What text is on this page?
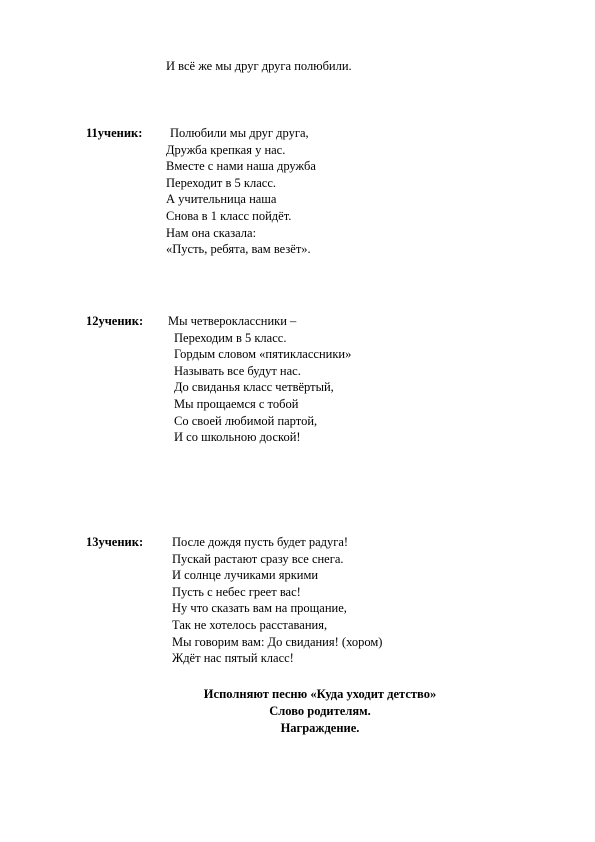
И всё же мы друг друга полюбили.
11ученик:	Полюбили мы друг друга,
Дружба крепкая у нас.
Вместе с нами наша дружба
Переходит в 5 класс.
А учительница наша
Снова в 1 класс пойдёт.
Нам она сказала:
«Пусть, ребята, вам везёт».
12ученик: Мы четвероклассники –
Переходим в 5 класс.
Гордым словом «пятиклассники»
Называть все будут нас.
До свиданья класс четвёртый,
Мы прощаемся с тобой
Со своей любимой партой,
И со школьною доской!
13ученик: После дождя пусть будет радуга!
Пускай растают сразу все снега.
И солнце лучиками яркими
Пусть с небес греет вас!
Ну что сказать вам на прощание,
Так не хотелось расставания,
Мы говорим вам: До свидания! (хором)
Ждёт нас пятый класс!
Исполняют песню «Куда уходит детство»
Слово родителям.
Награждение.
